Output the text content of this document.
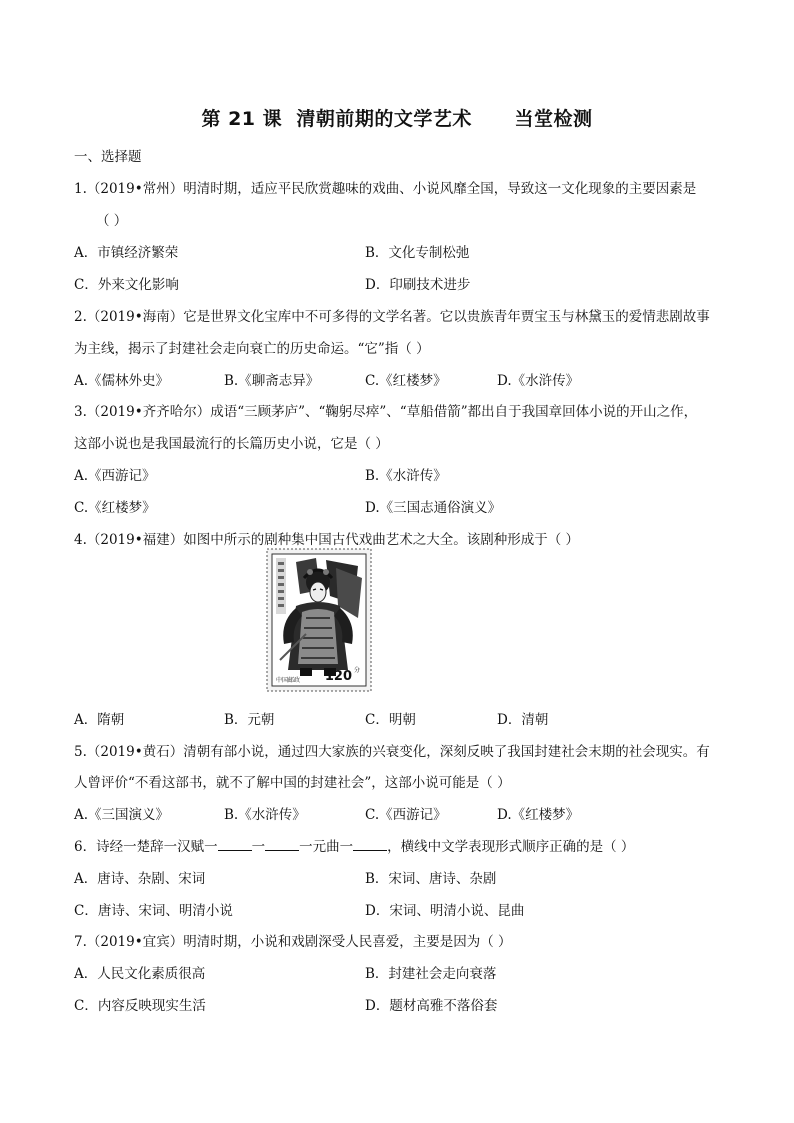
第 21 课  清朝前期的文学艺术      当堂检测
一、选择题
1.（2019•常州）明清时期，适应平民欣赏趣味的戏曲、小说风靡全国，导致这一文化现象的主要因素是
（ ）
A．市镇经济繁荣	B．文化专制松弛
C．外来文化影响	D．印刷技术进步
2.（2019•海南）它是世界文化宝库中不可多得的文学名著。它以贵族青年贾宝玉与林黛玉的爱情悲剧故事
为主线，揭示了封建社会走向衰亡的历史命运。“它”指（ ）
A.《儒林外史》	B.《聊斋志异》	C.《红楼梦》	D.《水浒传》
3.（2019•齐齐哈尔）成语“三顾茅庐”、“鞠躬尽瘁”、“草船借箭”都出自于我国章回体小说的开山之作，
这部小说也是我国最流行的长篇历史小说，它是（ ）
A.《西游记》	B.《水浒传》
C.《红楼梦》	D.《三国志通俗演义》
4.（2019•福建）如图中所示的剧种集中国古代戏曲艺术之大全。该剧种形成于（ ）
120 分
中国邮政
A．隋朝	B．元朝	C．明朝	D．清朝
5.（2019•黄石）清朝有部小说，通过四大家族的兴衰变化，深刻反映了我国封建社会末期的社会现实。有
人曾评价“不看这部书，就不了解中国的封建社会”，这部小说可能是（ ）
A.《三国演义》	B.《水浒传》	C.《西游记》	D.《红楼梦》
6．诗经一楚辞一汉赋一	一	一元曲一	，横线中文学表现形式顺序正确的是（ ）
A．唐诗、杂剧、宋词	B．宋词、唐诗、杂剧
C．唐诗、宋词、明清小说	D．宋词、明清小说、昆曲
7.（2019•宜宾）明清时期，小说和戏剧深受人民喜爱，主要是因为（ ）
A．人民文化素质很高	B．封建社会走向衰落
C．内容反映现实生活	D．题材高雅不落俗套
